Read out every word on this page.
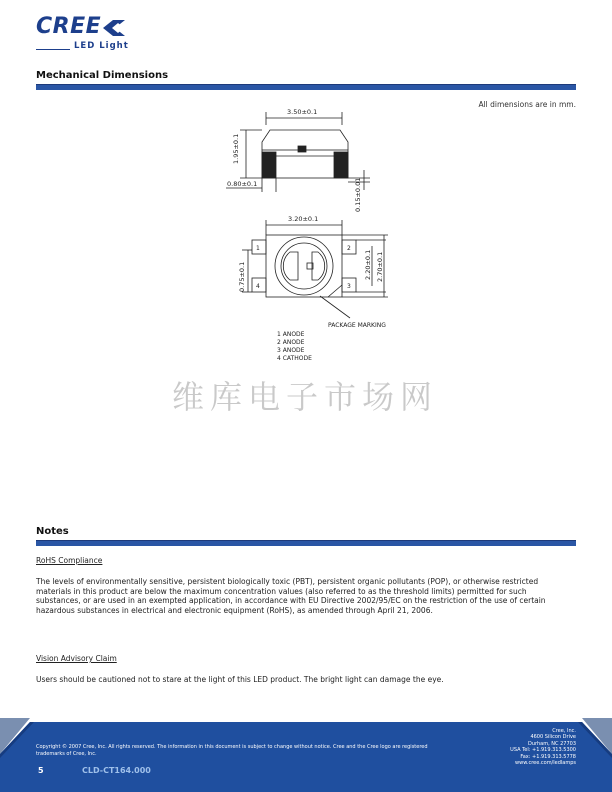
CREE
LED Light
Mechanical Dimensions
All dimensions are in mm.
3.50±0.1
1.95±0.1
0.80±0.1	0.15±0.01
3.20±0.1
0.75±0.1	2.20±0.1 2.70±0.1
1
4
2
3
PACKAGE MARKING
1 ANODE
2 ANODE
3 ANODE
4 CATHODE
维库电子市场网
Notes
RoHS Compliance
The levels of environmentally sensitive, persistent biologically toxic (PBT), persistent organic pollutants (POP), or otherwise restricted materials in this product are below the maximum concentration values (also referred to as the threshold limits) permitted for such substances, or are used in an exempted application, in accordance with EU Directive 2002/95/EC on the restriction of the use of certain hazardous substances in electrical and electronic equipment (RoHS), as amended through April 21, 2006.
Vision Advisory Claim
Users should be cautioned not to stare at the light of this LED product. The bright light can damage the eye.
Copyright © 2007 Cree, Inc. All rights reserved. The information in this document is subject to change without notice. Cree and the Cree logo are registered trademarks of Cree, Inc.
5	CLD-CT164.000
Cree, Inc.
4600 Silicon Drive
Durham, NC 27703
USA Tel: +1.919.313.5300
Fax: +1.919.313.5778
www.cree.com/ledlamps
